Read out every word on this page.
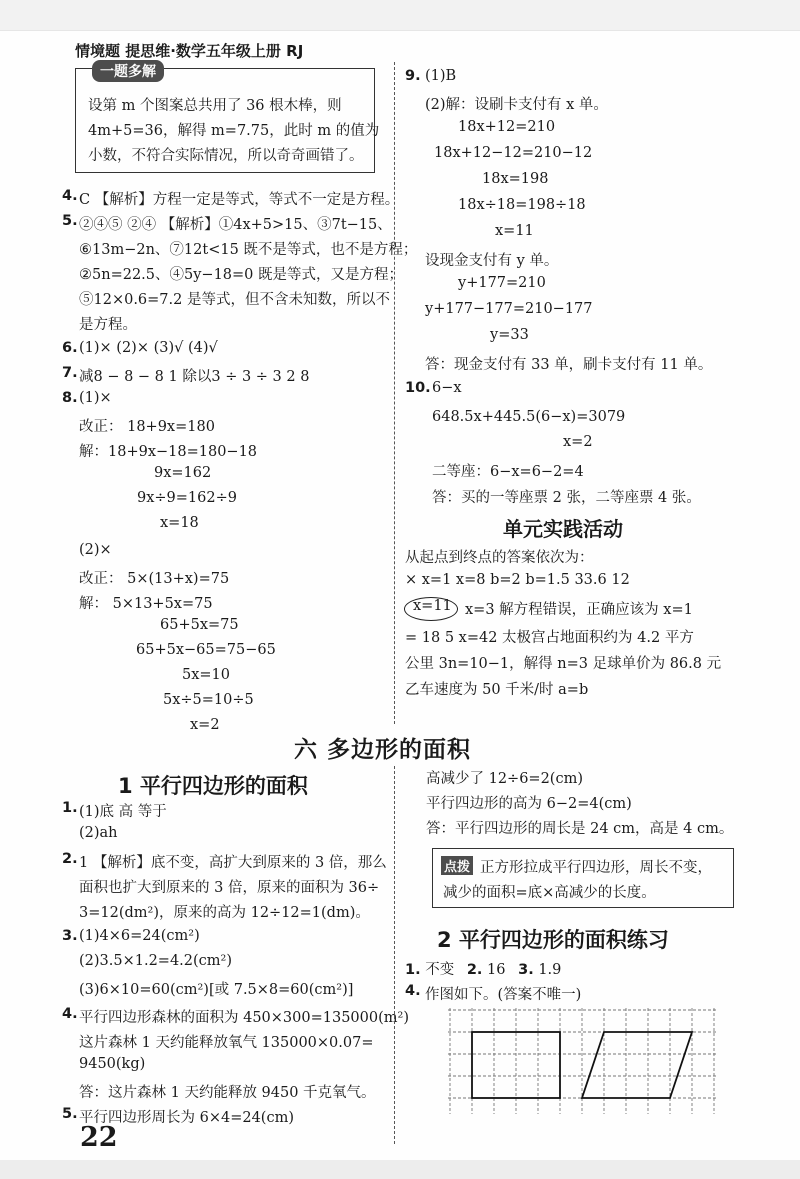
情境题 提思维·数学五年级上册 RJ
一题多解
设第 m 个图案总共用了 36 根木棒，则
4m+5=36，解得 m=7.75，此时 m 的值为
小数，不符合实际情况，所以奇奇画错了。
4. C 【解析】方程一定是等式，等式不一定是方程。
5. ②④⑤ ②④ 【解析】①4x+5>15、③7t−15、
⑥13m−2n、⑦12t<15 既不是等式，也不是方程；
②5n=22.5、④5y−18=0 既是等式，又是方程；
⑤12×0.6=7.2 是等式，但不含未知数，所以不
是方程。
6. (1)× (2)× (3)√ (4)√
7. 减8 − 8 − 8 1 除以3 ÷ 3 ÷ 3 2 8
8. (1)×
改正： 18+9x=180
解：18+9x−18=180−18
9x=162
9x÷9=162÷9
x=18
(2)×
改正： 5×(13+x)=75
解： 5×13+5x=75
65+5x=75
65+5x−65=75−65
5x=10
5x÷5=10÷5
x=2
9. (1)B
(2)解：设刷卡支付有 x 单。
18x+12=210
18x+12−12=210−12
18x=198
18x÷18=198÷18
x=11
设现金支付有 y 单。
y+177=210
y+177−177=210−177
y=33
答：现金支付有 33 单，刷卡支付有 11 单。
10. 6−x
648.5x+445.5(6−x)=3079
x=2
二等座：6−x=6−2=4
答：买的一等座票 2 张，二等座票 4 张。
单元实践活动
从起点到终点的答案依次为：
× x=1 x=8 b=2 b=1.5 33.6 12
x=11 x=3 解方程错误，正确应该为 x=1
= 18 5 x=42 太极宫占地面积约为 4.2 平方
公里 3n=10−1，解得 n=3 足球单价为 86.8 元
乙车速度为 50 千米/时 a=b
六 多边形的面积
1 平行四边形的面积
1. (1)底 高 等于
(2)ah
2. 1 【解析】底不变，高扩大到原来的 3 倍，那么
面积也扩大到原来的 3 倍，原来的面积为 36÷
3=12(dm²)，原来的高为 12÷12=1(dm)。
3. (1)4×6=24(cm²)
(2)3.5×1.2=4.2(cm²)
(3)6×10=60(cm²)[或 7.5×8=60(cm²)]
4. 平行四边形森林的面积为 450×300=135000(m²)
这片森林 1 天约能释放氧气 135000×0.07=
9450(kg)
答：这片森林 1 天约能释放 9450 千克氧气。
5. 平行四边形周长为 6×4=24(cm)
高减少了 12÷6=2(cm)
平行四边形的高为 6−2=4(cm)
答：平行四边形的周长是 24 cm，高是 4 cm。
点拨 正方形拉成平行四边形，周长不变，
减少的面积=底×高减少的长度。
2 平行四边形的面积练习
1. 不变 2. 16 3. 1.9
4. 作图如下。(答案不唯一)
22
